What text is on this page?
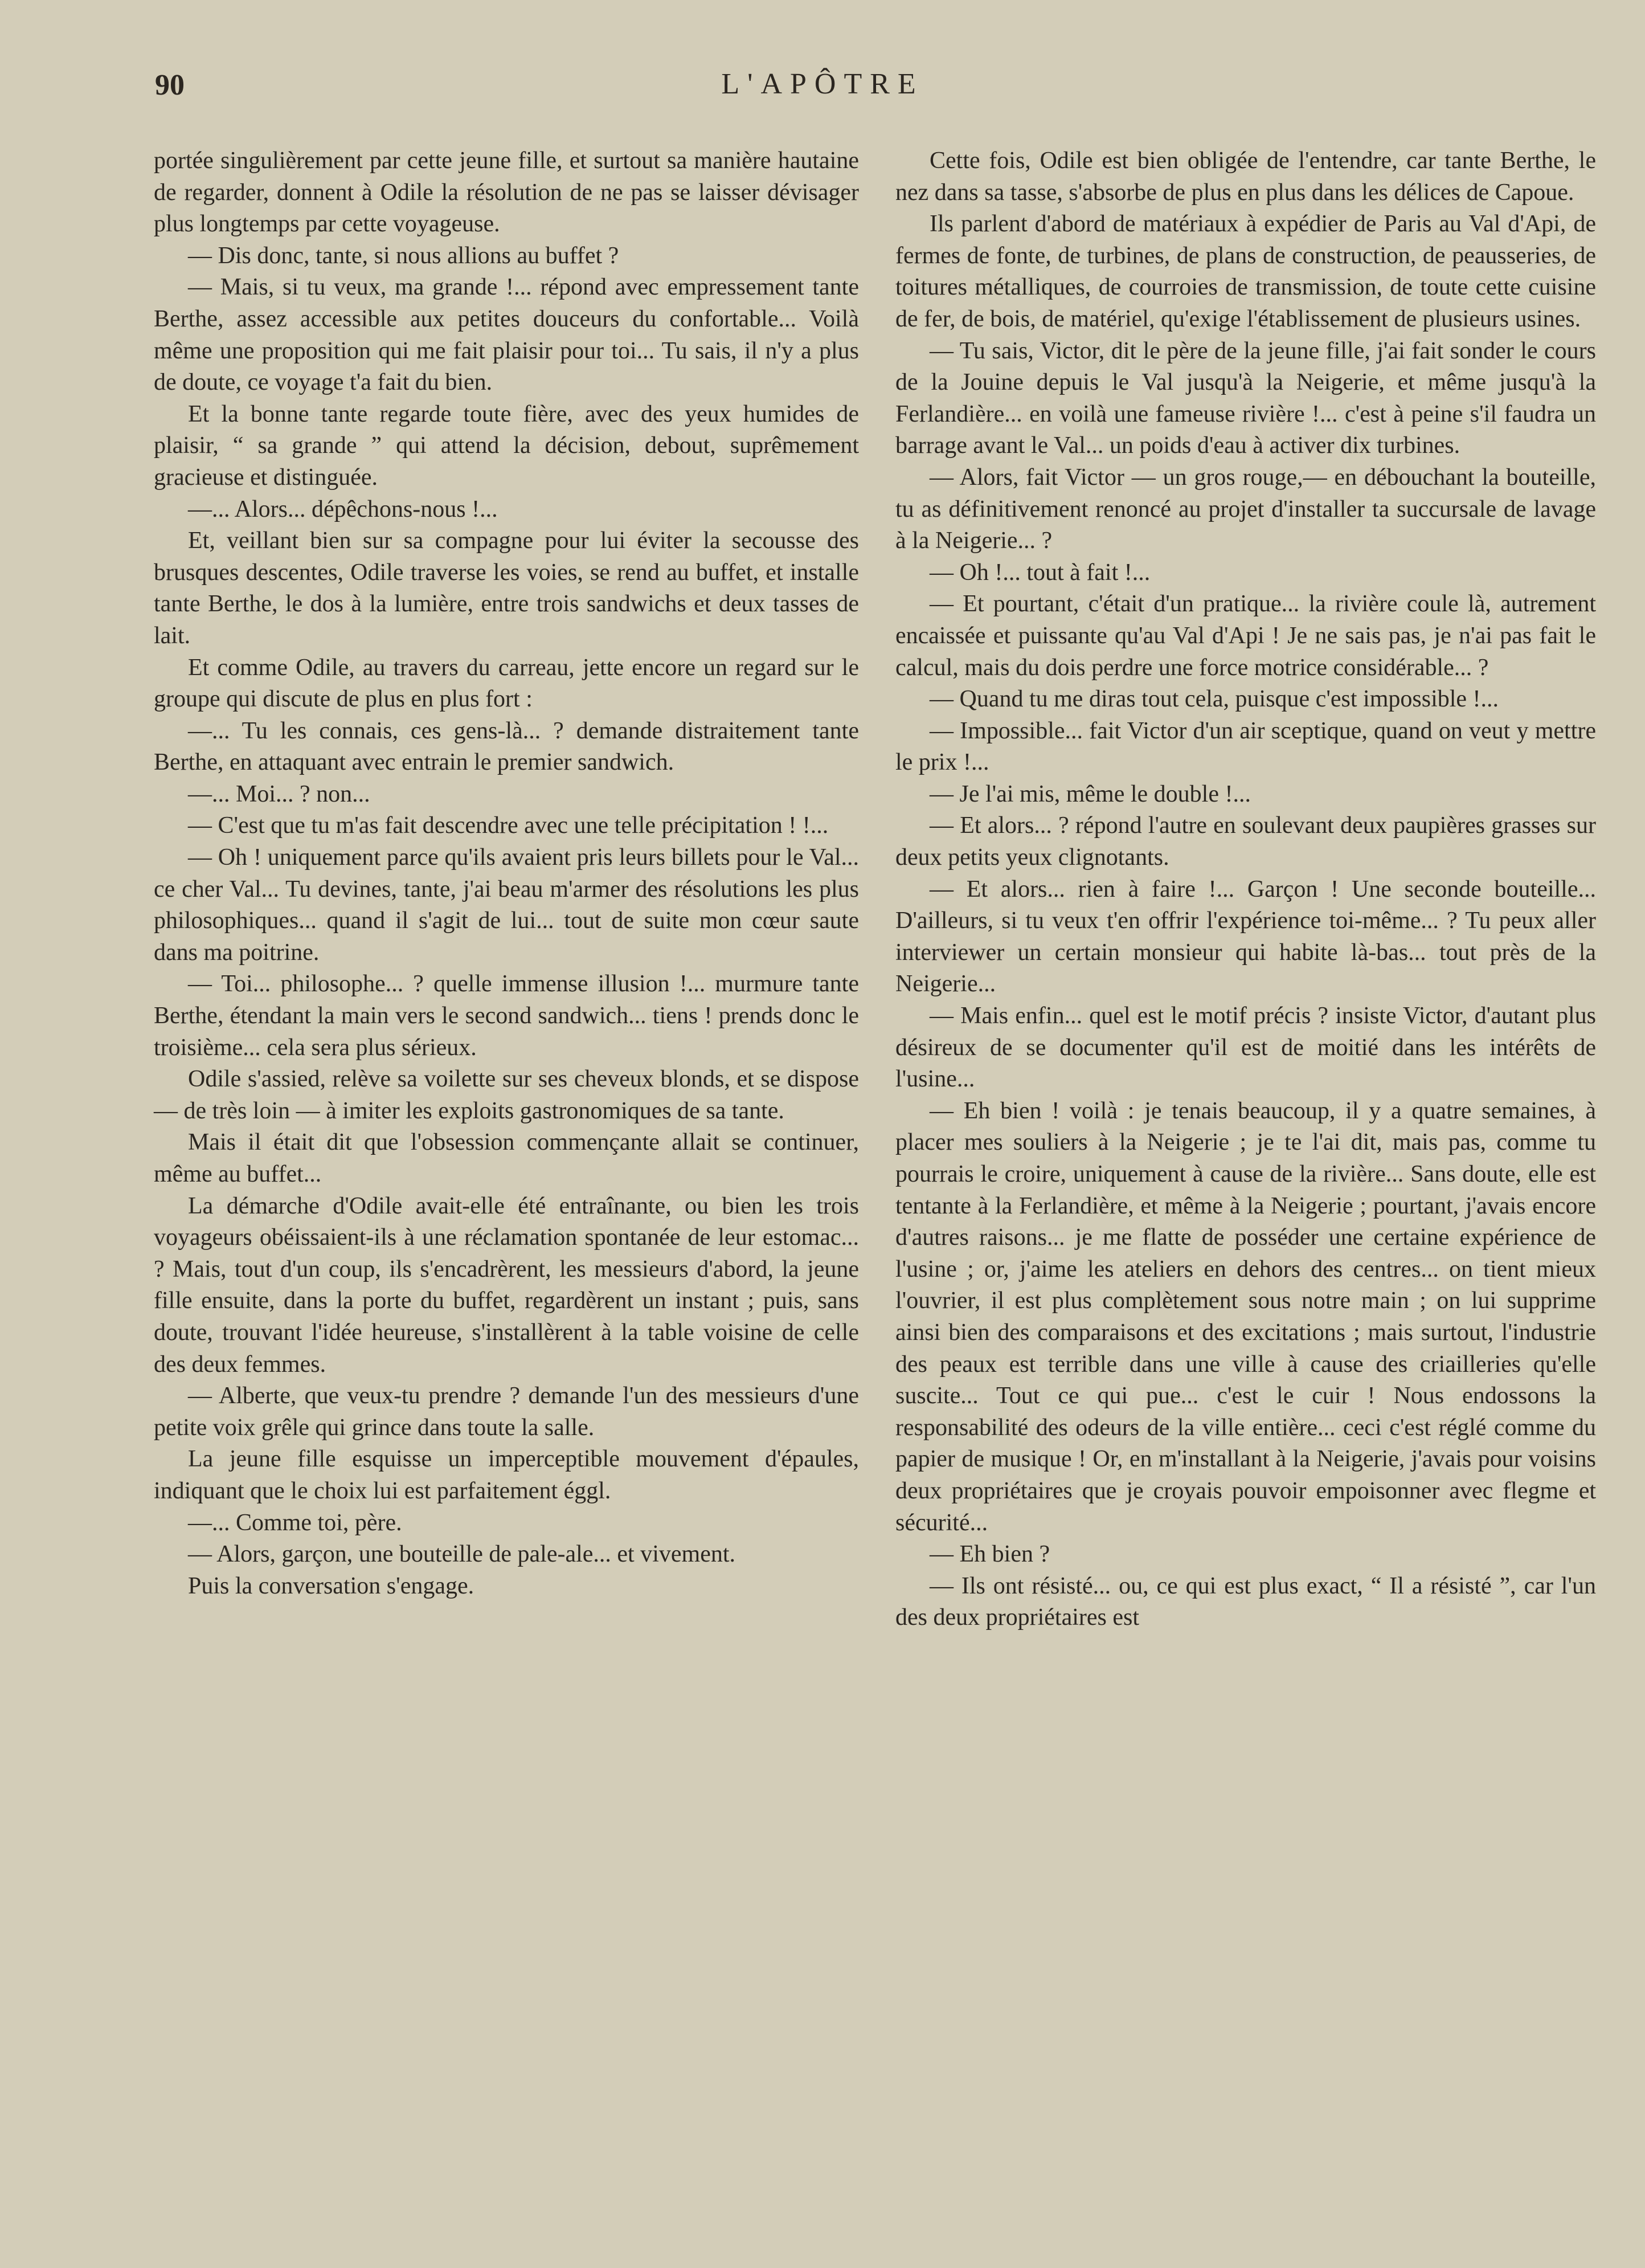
90	L'APÔTRE

portée singulièrement par cette jeune fille, et surtout sa manière hautaine de regarder, donnent à Odile la résolution de ne pas se laisser dévisager plus longtemps par cette voyageuse.

— Dis donc, tante, si nous allions au buffet ?

— Mais, si tu veux, ma grande !... répond avec empressement tante Berthe, assez accessible aux petites douceurs du confortable... Voilà même une proposition qui me fait plaisir pour toi... Tu sais, il n'y a plus de doute, ce voyage t'a fait du bien.

Et la bonne tante regarde toute fière, avec des yeux humides de plaisir, “ sa grande ” qui attend la décision, debout, suprêmement gracieuse et distinguée.

—... Alors... dépêchons-nous !...

Et, veillant bien sur sa compagne pour lui éviter la secousse des brusques descentes, Odile traverse les voies, se rend au buffet, et installe tante Berthe, le dos à la lumière, entre trois sandwichs et deux tasses de lait.

Et comme Odile, au travers du carreau, jette encore un regard sur le groupe qui discute de plus en plus fort :

—... Tu les connais, ces gens-là... ? demande distraitement tante Berthe, en attaquant avec entrain le premier sandwich.

—... Moi... ? non...

— C'est que tu m'as fait descendre avec une telle précipitation ! !...

— Oh ! uniquement parce qu'ils avaient pris leurs billets pour le Val... ce cher Val... Tu devines, tante, j'ai beau m'armer des résolutions les plus philosophiques... quand il s'agit de lui... tout de suite mon cœur saute dans ma poitrine.

— Toi... philosophe... ? quelle immense illusion !... murmure tante Berthe, étendant la main vers le second sandwich... tiens ! prends donc le troisième... cela sera plus sérieux.

Odile s'assied, relève sa voilette sur ses cheveux blonds, et se dispose — de très loin — à imiter les exploits gastronomiques de sa tante.

Mais il était dit que l'obsession commençante allait se continuer, même au buffet...

La démarche d'Odile avait-elle été entraînante, ou bien les trois voyageurs obéissaient-ils à une réclamation spontanée de leur estomac... ? Mais, tout d'un coup, ils s'encadrèrent, les messieurs d'abord, la jeune fille ensuite, dans la porte du buffet, regardèrent un instant ; puis, sans doute, trouvant l'idée heureuse, s'installèrent à la table voisine de celle des deux femmes.

— Alberte, que veux-tu prendre ? demande l'un des messieurs d'une petite voix grêle qui grince dans toute la salle.

La jeune fille esquisse un imperceptible mouvement d'épaules, indiquant que le choix lui est parfaitement éggl.

—... Comme toi, père.

— Alors, garçon, une bouteille de pale-ale... et vivement.

Puis la conversation s'engage.

Cette fois, Odile est bien obligée de l'entendre, car tante Berthe, le nez dans sa tasse, s'absorbe de plus en plus dans les délices de Capoue.

Ils parlent d'abord de matériaux à expédier de Paris au Val d'Api, de fermes de fonte, de turbines, de plans de construction, de peausseries, de toitures métalliques, de courroies de transmission, de toute cette cuisine de fer, de bois, de matériel, qu'exige l'établissement de plusieurs usines.

— Tu sais, Victor, dit le père de la jeune fille, j'ai fait sonder le cours de la Jouine depuis le Val jusqu'à la Neigerie, et même jusqu'à la Ferlandière... en voilà une fameuse rivière !... c'est à peine s'il faudra un barrage avant le Val... un poids d'eau à activer dix turbines.

— Alors, fait Victor — un gros rouge,— en débouchant la bouteille, tu as définitivement renoncé au projet d'installer ta succursale de lavage à la Neigerie... ?

— Oh !... tout à fait !...

— Et pourtant, c'était d'un pratique... la rivière coule là, autrement encaissée et puissante qu'au Val d'Api ! Je ne sais pas, je n'ai pas fait le calcul, mais du dois perdre une force motrice considérable... ?

— Quand tu me diras tout cela, puisque c'est impossible !...

— Impossible... fait Victor d'un air sceptique, quand on veut y mettre le prix !...

— Je l'ai mis, même le double !...

— Et alors... ? répond l'autre en soulevant deux paupières grasses sur deux petits yeux clignotants.

— Et alors... rien à faire !... Garçon ! Une seconde bouteille... D'ailleurs, si tu veux t'en offrir l'expérience toi-même... ? Tu peux aller interviewer un certain monsieur qui habite là-bas... tout près de la Neigerie...

— Mais enfin... quel est le motif précis ? insiste Victor, d'autant plus désireux de se documenter qu'il est de moitié dans les intérêts de l'usine...

— Eh bien ! voilà : je tenais beaucoup, il y a quatre semaines, à placer mes souliers à la Neigerie ; je te l'ai dit, mais pas, comme tu pourrais le croire, uniquement à cause de la rivière... Sans doute, elle est tentante à la Ferlandière, et même à la Neigerie ; pourtant, j'avais encore d'autres raisons... je me flatte de posséder une certaine expérience de l'usine ; or, j'aime les ateliers en dehors des centres... on tient mieux l'ouvrier, il est plus complètement sous notre main ; on lui supprime ainsi bien des comparaisons et des excitations ; mais surtout, l'industrie des peaux est terrible dans une ville à cause des criailleries qu'elle suscite... Tout ce qui pue... c'est le cuir ! Nous endossons la responsabilité des odeurs de la ville entière... ceci c'est réglé comme du papier de musique ! Or, en m'installant à la Neigerie, j'avais pour voisins deux propriétaires que je croyais pouvoir empoisonner avec flegme et sécurité...

— Eh bien ?

— Ils ont résisté... ou, ce qui est plus exact, “ Il a résisté ”, car l'un des deux propriétaires est
